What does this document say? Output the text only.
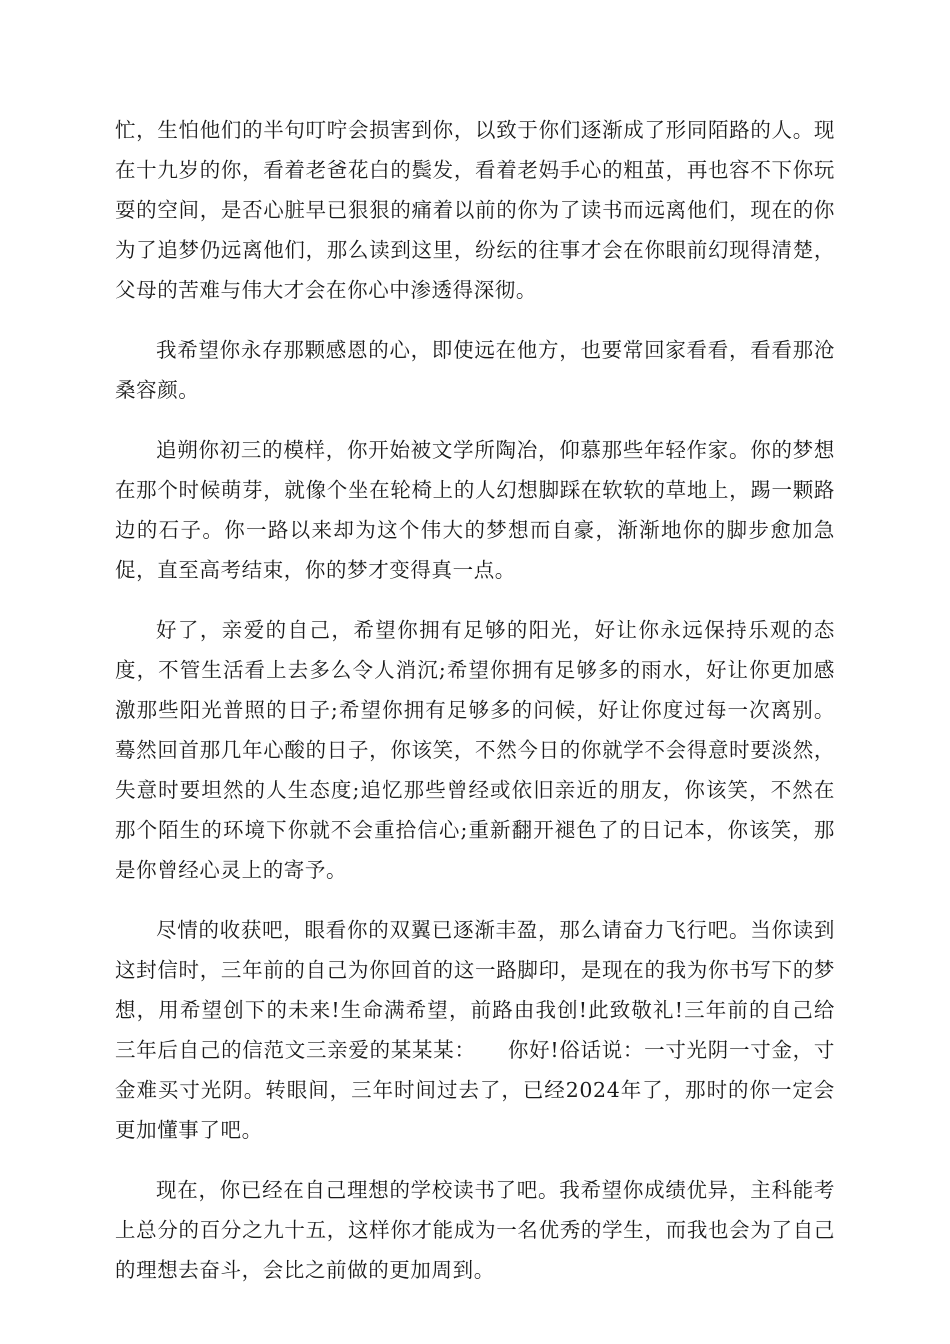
忙，生怕他们的半句叮咛会损害到你，以致于你们逐渐成了形同陌路的人。现在十九岁的你，看着老爸花白的鬓发，看着老妈手心的粗茧，再也容不下你玩耍的空间，是否心脏早已狠狠的痛着以前的你为了读书而远离他们，现在的你为了追梦仍远离他们，那么读到这里，纷纭的往事才会在你眼前幻现得清楚，父母的苦难与伟大才会在你心中渗透得深彻。

我希望你永存那颗感恩的心，即使远在他方，也要常回家看看，看看那沧桑容颜。

追朔你初三的模样，你开始被文学所陶冶，仰慕那些年轻作家。你的梦想在那个时候萌芽，就像个坐在轮椅上的人幻想脚踩在软软的草地上，踢一颗路边的石子。你一路以来却为这个伟大的梦想而自豪，渐渐地你的脚步愈加急促，直至高考结束，你的梦才变得真一点。

好了，亲爱的自己，希望你拥有足够的阳光，好让你永远保持乐观的态度，不管生活看上去多么令人消沉;希望你拥有足够多的雨水，好让你更加感激那些阳光普照的日子;希望你拥有足够多的问候，好让你度过每一次离别。蓦然回首那几年心酸的日子，你该笑，不然今日的你就学不会得意时要淡然，失意时要坦然的人生态度;追忆那些曾经或依旧亲近的朋友，你该笑，不然在那个陌生的环境下你就不会重拾信心;重新翻开褪色了的日记本，你该笑，那是你曾经心灵上的寄予。

尽情的收获吧，眼看你的双翼已逐渐丰盈，那么请奋力飞行吧。当你读到这封信时，三年前的自己为你回首的这一路脚印，是现在的我为你书写下的梦想，用希望创下的未来!生命满希望，前路由我创!此致敬礼!三年前的自己给三年后自己的信范文三亲爱的某某某：　　你好!俗话说：一寸光阴一寸金，寸金难买寸光阴。转眼间，三年时间过去了，已经2024年了，那时的你一定会更加懂事了吧。

现在，你已经在自己理想的学校读书了吧。我希望你成绩优异，主科能考上总分的百分之九十五，这样你才能成为一名优秀的学生，而我也会为了自己的理想去奋斗，会比之前做的更加周到。
